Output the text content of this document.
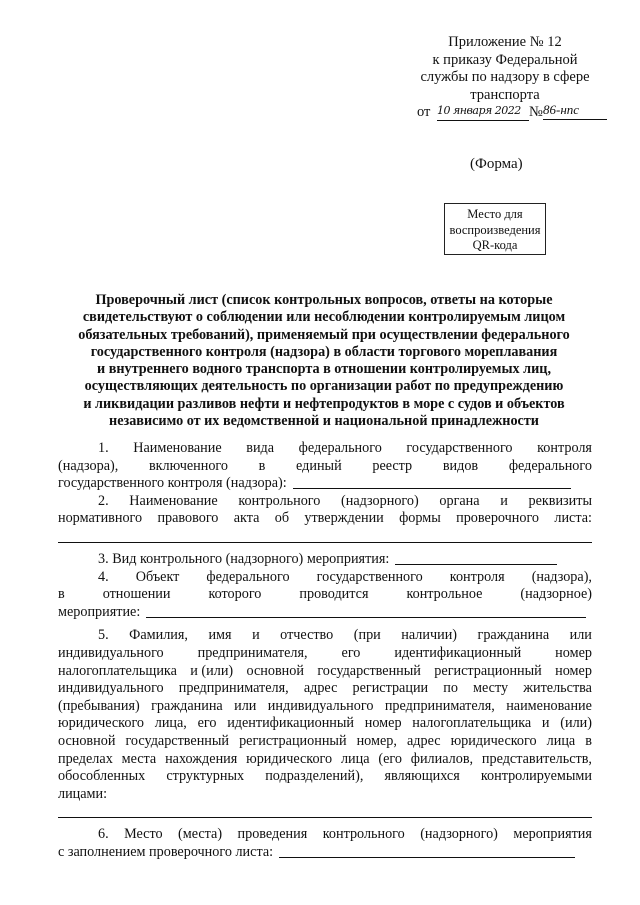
Приложение № 12
к приказу Федеральной
службы по надзору в сфере
транспорта
от 10 января 2022 № 86-нпс
(Форма)
Место для
воспроизведения
QR-кода
Проверочный лист (список контрольных вопросов, ответы на которые
свидетельствуют о соблюдении или несоблюдении контролируемым лицом
обязательных требований), применяемый при осуществлении федерального
государственного контроля (надзора) в области торгового мореплавания
и внутреннего водного транспорта в отношении контролируемых лиц,
осуществляющих деятельность по организации работ по предупреждению
и ликвидации разливов нефти и нефтепродуктов в море с судов и объектов
независимо от их ведомственной и национальной принадлежности
1. Наименование вида федерального государственного контроля
(надзора), включенного в единый реестр видов федерального
государственного контроля (надзора):
2. Наименование контрольного (надзорного) органа и реквизиты
нормативного правового акта об утверждении формы проверочного листа:
3. Вид контрольного (надзорного) мероприятия:
4. Объект федерального государственного контроля (надзора),
в	отношении	которого	проводится	контрольное	(надзорное)
мероприятие:
5. Фамилия, имя и отчество (при наличии) гражданина или
индивидуального предпринимателя, его идентификационный номер
налогоплательщика и (или) основной государственный регистрационный номер
индивидуального предпринимателя, адрес регистрации по месту жительства
(пребывания) гражданина или индивидуального предпринимателя, наименование
юридического лица, его идентификационный номер налогоплательщика и (или)
основной государственный регистрационный номер, адрес юридического лица в
пределах места нахождения юридического лица (его филиалов, представительств,
обособленных структурных подразделений), являющихся контролируемыми
лицами:
6. Место (места) проведения контрольного (надзорного) мероприятия
с заполнением проверочного листа:
